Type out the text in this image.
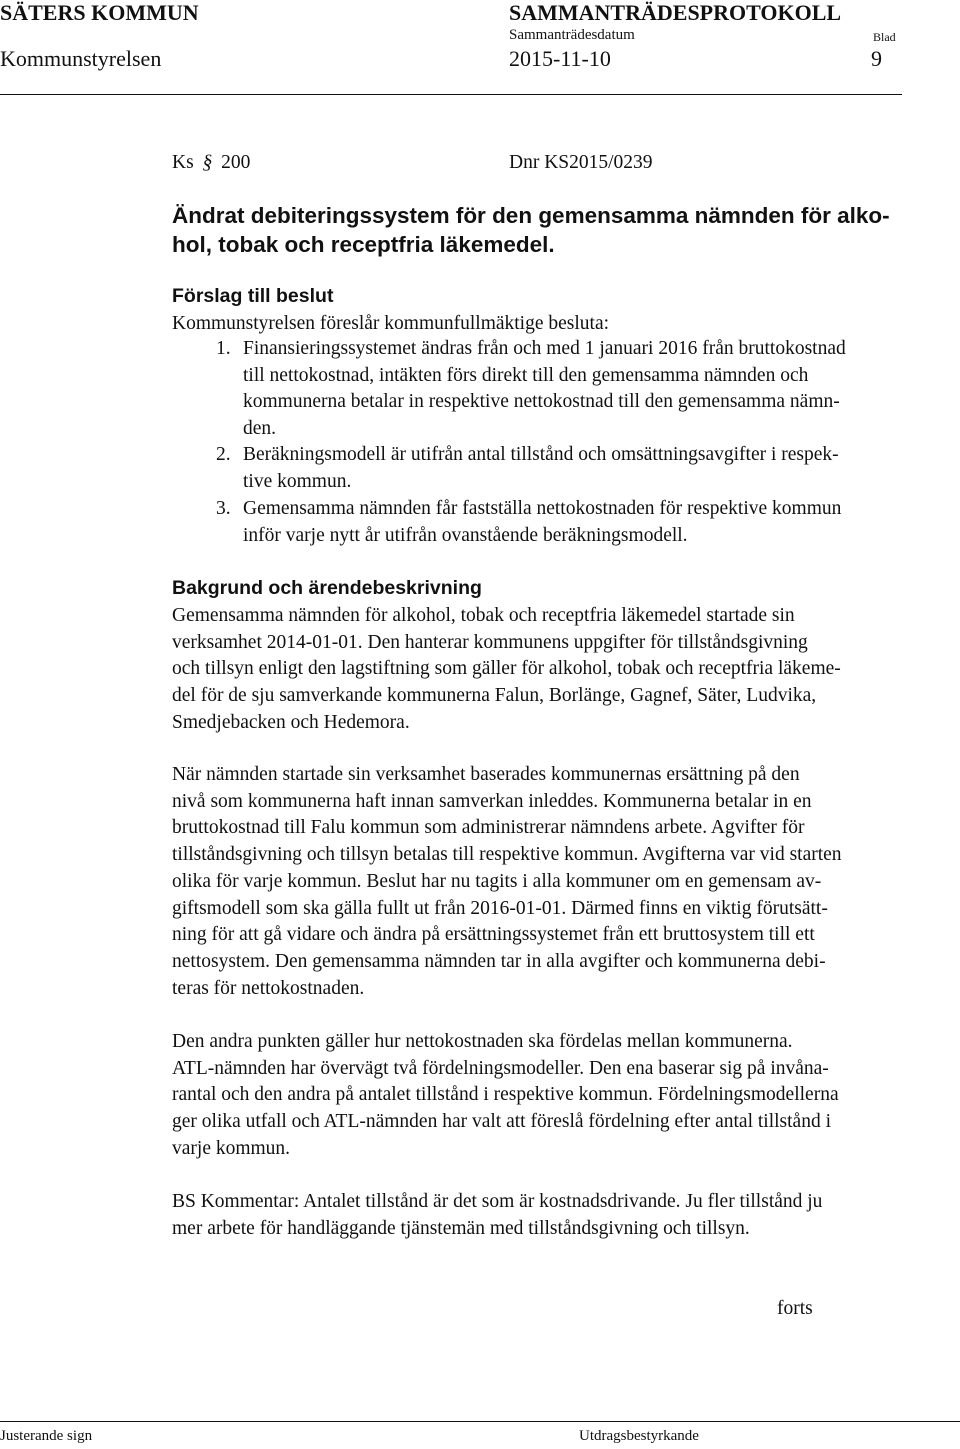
SÄTERS KOMMUN	SAMMANTRÄDESPROTOKOLL
Sammanträdesdatum	Blad
Kommunstyrelsen	2015-11-10	9
Ks § 200	Dnr KS2015/0239
Ändrat debiteringssystem för den gemensamma nämnden för alko-
hol, tobak och receptfria läkemedel.
Förslag till beslut
Kommunstyrelsen föreslår kommunfullmäktige besluta:
1. Finansieringssystemet ändras från och med 1 januari 2016 från bruttokostnad
till nettokostnad, intäkten förs direkt till den gemensamma nämnden och
kommunerna betalar in respektive nettokostnad till den gemensamma nämn-
den.
2. Beräkningsmodell är utifrån antal tillstånd och omsättningsavgifter i respek-
tive kommun.
3. Gemensamma nämnden får fastställa nettokostnaden för respektive kommun
inför varje nytt år utifrån ovanstående beräkningsmodell.
Bakgrund och ärendebeskrivning
Gemensamma nämnden för alkohol, tobak och receptfria läkemedel startade sin
verksamhet 2014-01-01. Den hanterar kommunens uppgifter för tillståndsgivning
och tillsyn enligt den lagstiftning som gäller för alkohol, tobak och receptfria läkeme-
del för de sju samverkande kommunerna Falun, Borlänge, Gagnef, Säter, Ludvika,
Smedjebacken och Hedemora.
När nämnden startade sin verksamhet baserades kommunernas ersättning på den
nivå som kommunerna haft innan samverkan inleddes. Kommunerna betalar in en
bruttokostnad till Falu kommun som administrerar nämndens arbete. Agvifter för
tillståndsgivning och tillsyn betalas till respektive kommun. Avgifterna var vid starten
olika för varje kommun. Beslut har nu tagits i alla kommuner om en gemensam av-
giftsmodell som ska gälla fullt ut från 2016-01-01. Därmed finns en viktig förutsätt-
ning för att gå vidare och ändra på ersättningssystemet från ett bruttosystem till ett
nettosystem. Den gemensamma nämnden tar in alla avgifter och kommunerna debi-
teras för nettokostnaden.
Den andra punkten gäller hur nettokostnaden ska fördelas mellan kommunerna.
ATL-nämnden har övervägt två fördelningsmodeller. Den ena baserar sig på invåna-
rantal och den andra på antalet tillstånd i respektive kommun. Fördelningsmodellerna
ger olika utfall och ATL-nämnden har valt att föreslå fördelning efter antal tillstånd i
varje kommun.
BS Kommentar: Antalet tillstånd är det som är kostnadsdrivande. Ju fler tillstånd ju
mer arbete för handläggande tjänstemän med tillståndsgivning och tillsyn.
forts
Justerande sign	Utdragsbestyrkande
